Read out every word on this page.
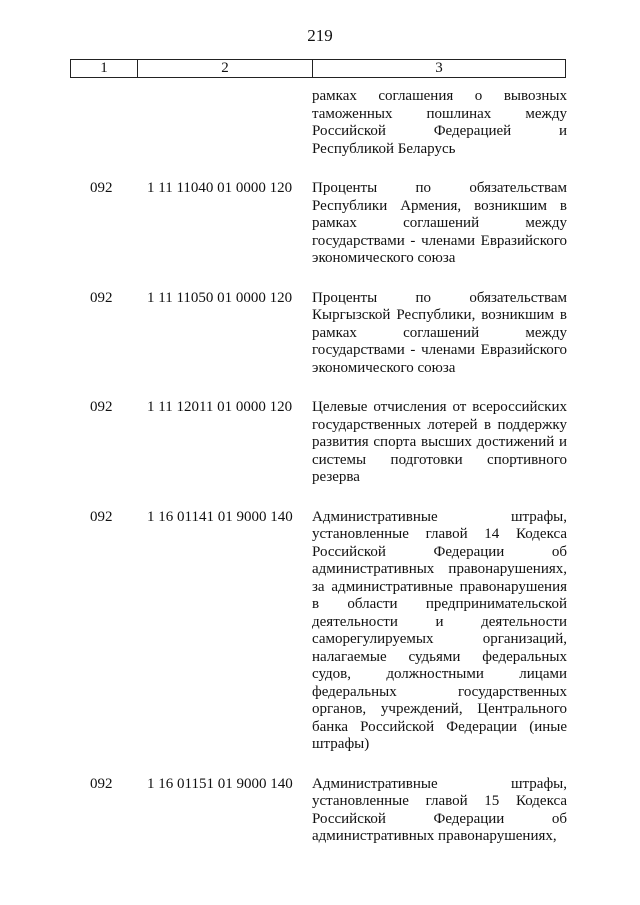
219
1	2	3
рамках соглашения о вывозных
таможенных пошлинах между
Российской Федерацией и
Республикой Беларусь
092 1 11 11040 01 0000 120 Проценты по обязательствам
Республики Армения, возникшим в
рамках соглашений между
государствами - членами Евразийского
экономического союза
092 1 11 11050 01 0000 120 Проценты по обязательствам
Кыргызской Республики, возникшим в
рамках соглашений между
государствами - членами Евразийского
экономического союза
092 1 11 12011 01 0000 120 Целевые отчисления от всероссийских
государственных лотерей в поддержку
развития спорта высших достижений и
системы подготовки спортивного
резерва
092 1 16 01141 01 9000 140 Административные штрафы,
установленные главой 14 Кодекса
Российской Федерации об
административных правонарушениях,
за административные правонарушения
в области предпринимательской
деятельности и деятельности
саморегулируемых организаций,
налагаемые судьями федеральных
судов, должностными лицами
федеральных государственных
органов, учреждений, Центрального
банка Российской Федерации (иные
штрафы)
092 1 16 01151 01 9000 140 Административные штрафы,
установленные главой 15 Кодекса
Российской Федерации об
административных правонарушениях,
